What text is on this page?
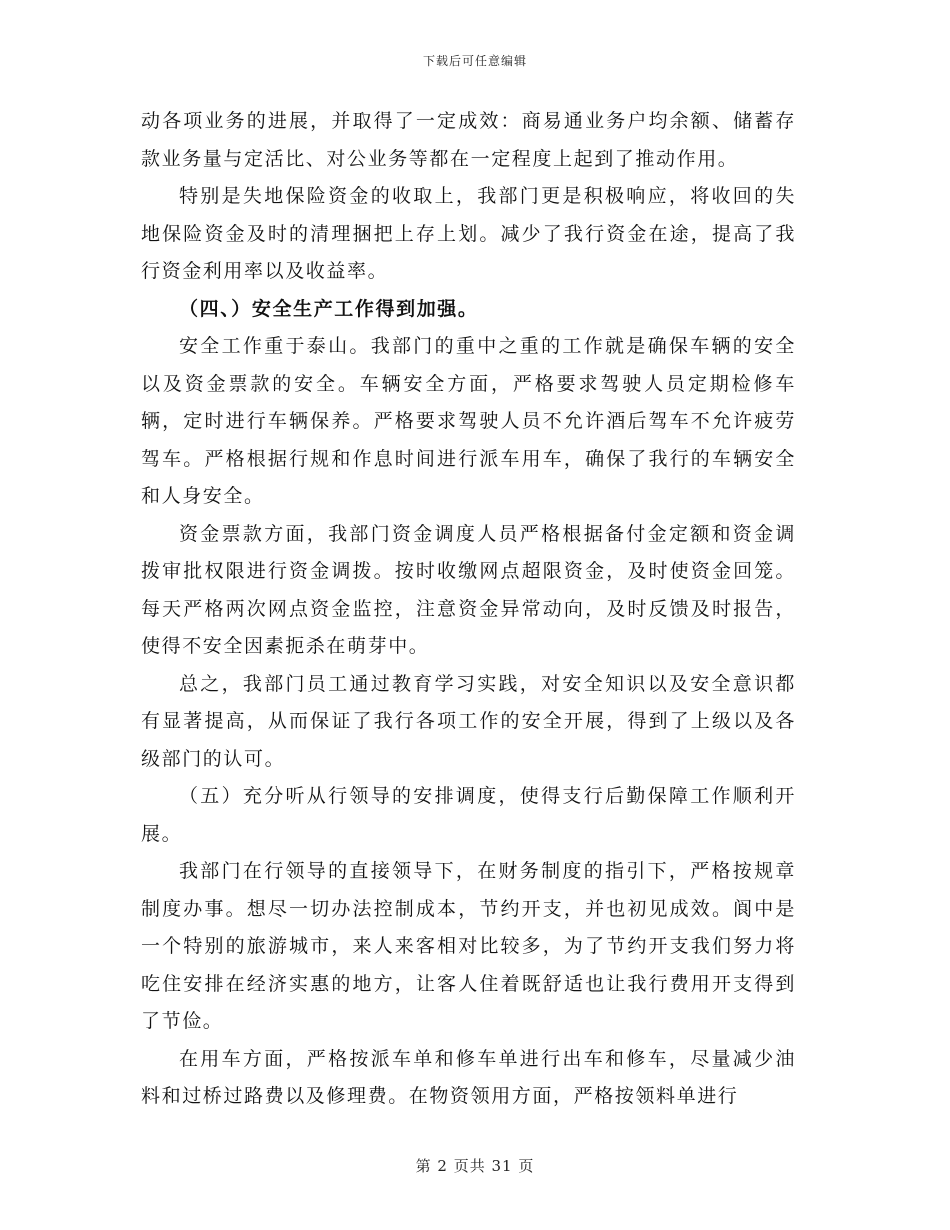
下载后可任意编辑

动各项业务的进展，并取得了一定成效：商易通业务户均余额、储蓄存款业务量与定活比、对公业务等都在一定程度上起到了推动作用。

特别是失地保险资金的收取上，我部门更是积极响应，将收回的失地保险资金及时的清理捆把上存上划。减少了我行资金在途，提高了我行资金利用率以及收益率。

（四、）安全生产工作得到加强。

安全工作重于泰山。我部门的重中之重的工作就是确保车辆的安全以及资金票款的安全。车辆安全方面，严格要求驾驶人员定期检修车辆，定时进行车辆保养。严格要求驾驶人员不允许酒后驾车不允许疲劳驾车。严格根据行规和作息时间进行派车用车，确保了我行的车辆安全和人身安全。

资金票款方面，我部门资金调度人员严格根据备付金定额和资金调拨审批权限进行资金调拨。按时收缴网点超限资金，及时使资金回笼。每天严格两次网点资金监控，注意资金异常动向，及时反馈及时报告，使得不安全因素扼杀在萌芽中。

总之，我部门员工通过教育学习实践，对安全知识以及安全意识都有显著提高，从而保证了我行各项工作的安全开展，得到了上级以及各级部门的认可。

（五）充分听从行领导的安排调度，使得支行后勤保障工作顺利开展。

我部门在行领导的直接领导下，在财务制度的指引下，严格按规章制度办事。想尽一切办法控制成本，节约开支，并也初见成效。阆中是一个特别的旅游城市，来人来客相对比较多，为了节约开支我们努力将吃住安排在经济实惠的地方，让客人住着既舒适也让我行费用开支得到了节俭。

在用车方面，严格按派车单和修车单进行出车和修车，尽量减少油料和过桥过路费以及修理费。在物资领用方面，严格按领料单进行

第 2 页共 31 页
